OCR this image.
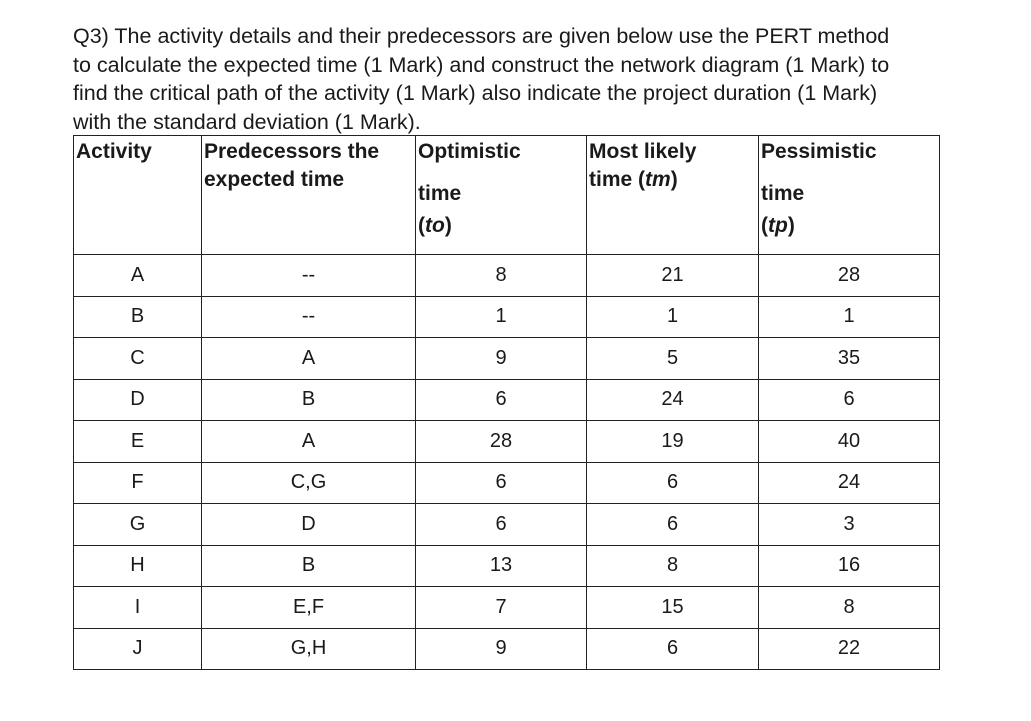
Q3) The activity details and their predecessors are given below use the PERT method
to calculate the expected time (1 Mark) and construct the network diagram (1 Mark) to
find the critical path of the activity (1 Mark) also indicate the project duration (1 Mark)
with the standard deviation (1 Mark).

Activity	Predecessors the
expected time	Optimistic
time
(to)	Most likely
time (tm)	Pessimistic
time
(tp)

A	--	8	21	28
B	--	1	1	1
C	A	9	5	35
D	B	6	24	6
E	A	28	19	40
F	C,G	6	6	24
G	D	6	6	3
H	B	13	8	16
I	E,F	7	15	8
J	G,H	9	6	22
